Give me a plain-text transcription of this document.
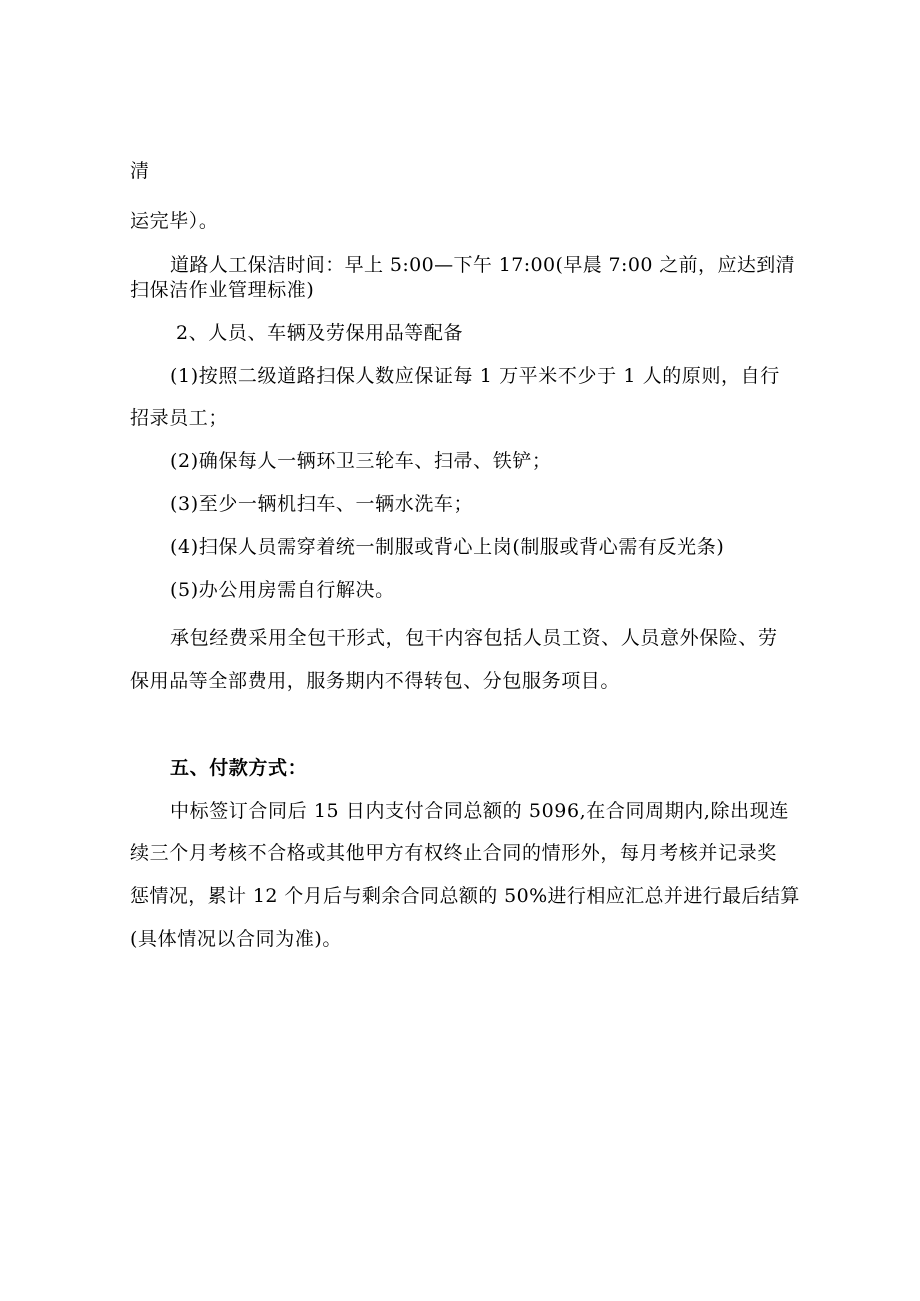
清
运完毕）。
道路人工保洁时间：早上 5:00—下午 17:00(早晨 7:00 之前，应达到清
扫保洁作业管理标准)
2、人员、车辆及劳保用品等配备
(1)按照二级道路扫保人数应保证每 1 万平米不少于 1 人的原则，自行
招录员工；
(2)确保每人一辆环卫三轮车、扫帚、铁铲；
(3)至少一辆机扫车、一辆水洗车；
(4)扫保人员需穿着统一制服或背心上岗(制服或背心需有反光条)
(5)办公用房需自行解决。
承包经费采用全包干形式，包干内容包括人员工资、人员意外保险、劳
保用品等全部费用，服务期内不得转包、分包服务项目。
五、付款方式：
中标签订合同后 15 日内支付合同总额的 5096,在合同周期内,除出现连
续三个月考核不合格或其他甲方有权终止合同的情形外，每月考核并记录奖
惩情况，累计 12 个月后与剩余合同总额的 50%进行相应汇总并进行最后结算
(具体情况以合同为准)。
